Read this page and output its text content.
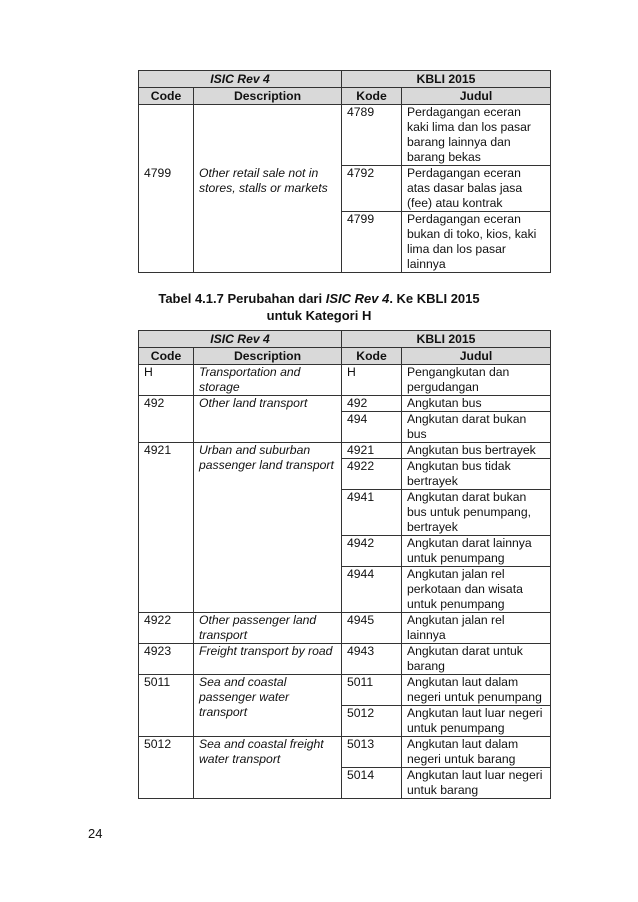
ISIC Rev 4		KBLI 2015	
Code	Description	Kode	Judul
		4789	Perdagangan eceran kaki lima dan los pasar barang lainnya dan barang bekas
4799	Other retail sale not in stores, stalls or markets	4792	Perdagangan eceran atas dasar balas jasa (fee) atau kontrak
		4799	Perdagangan eceran bukan di toko, kios, kaki lima dan los pasar lainnya
Tabel 4.1.7 Perubahan dari ISIC Rev 4. Ke KBLI 2015
untuk Kategori H
ISIC Rev 4		KBLI 2015	
Code	Description	Kode	Judul
H	Transportation and storage	H	Pengangkutan dan pergudangan
492	Other land transport	492	Angkutan bus
		494	Angkutan darat bukan bus
4921	Urban and suburban passenger land transport	4921	Angkutan bus bertrayek
		4922	Angkutan bus tidak bertrayek
		4941	Angkutan darat bukan bus untuk penumpang, bertrayek
		4942	Angkutan darat lainnya untuk penumpang
		4944	Angkutan jalan rel perkotaan dan wisata untuk penumpang
4922	Other passenger land transport	4945	Angkutan jalan rel lainnya
4923	Freight transport by road	4943	Angkutan darat untuk barang
5011	Sea and coastal passenger water transport	5011	Angkutan laut dalam negeri untuk penumpang
		5012	Angkutan laut luar negeri untuk penumpang
5012	Sea and coastal freight water transport	5013	Angkutan laut dalam negeri untuk barang
		5014	Angkutan laut luar negeri untuk barang
24
